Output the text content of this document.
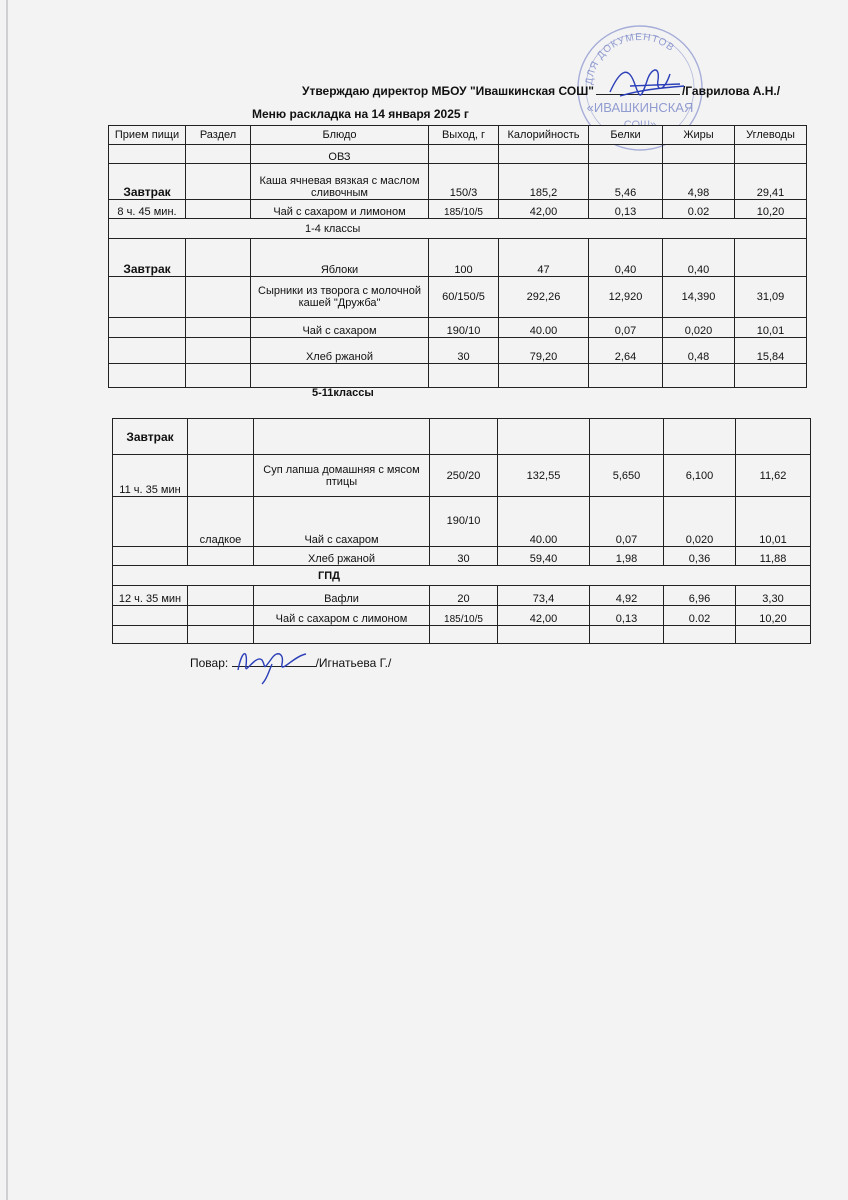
ДЛЯ ДОКУМЕНТОВ
«ИВАШКИНСКАЯ
Утверждаю директор МБОУ "Ивашкинская СОШ"	/Гаврилова А.Н./
Меню раскладка на 14 января 2025 г
5-11классы
Прием пищи	Раздел	Блюдо	Выход, г	Калорийность	Белки	Жиры	Углеводы
		ОВЗ					
Завтрак		Каша ячневая вязкая с маслом сливочным	150/3	185,2	5,46	4,98	29,41
8 ч. 45 мин.		Чай с сахаром и лимоном	185/10/5	42,00	0,13	0.02	10,20
1-4 классы							
Завтрак		Яблоки	100	47	0,40	0,40	
		Сырники из творога с молочной кашей "Дружба"	60/150/5	292,26	12,920	14,390	31,09
		Чай с сахаром	190/10	40.00	0,07	0,020	10,01
		Хлеб ржаной	30	79,20	2,64	0,48	15,84

Завтрак							
11 ч. 35 мин		Суп лапша домашняя с мясом птицы	250/20	132,55	5,650	6,100	11,62
	сладкое	Чай с сахаром	190/10	40.00	0,07	0,020	10,01
		Хлеб ржаной	30	59,40	1,98	0,36	11,88
ГПД							
12 ч. 35 мин		Вафли	20	73,4	4,92	6,96	3,30
		Чай с сахаром с лимоном	185/10/5	42,00	0,13	0.02	10,20

Повар:	/Игнатьева Г./
